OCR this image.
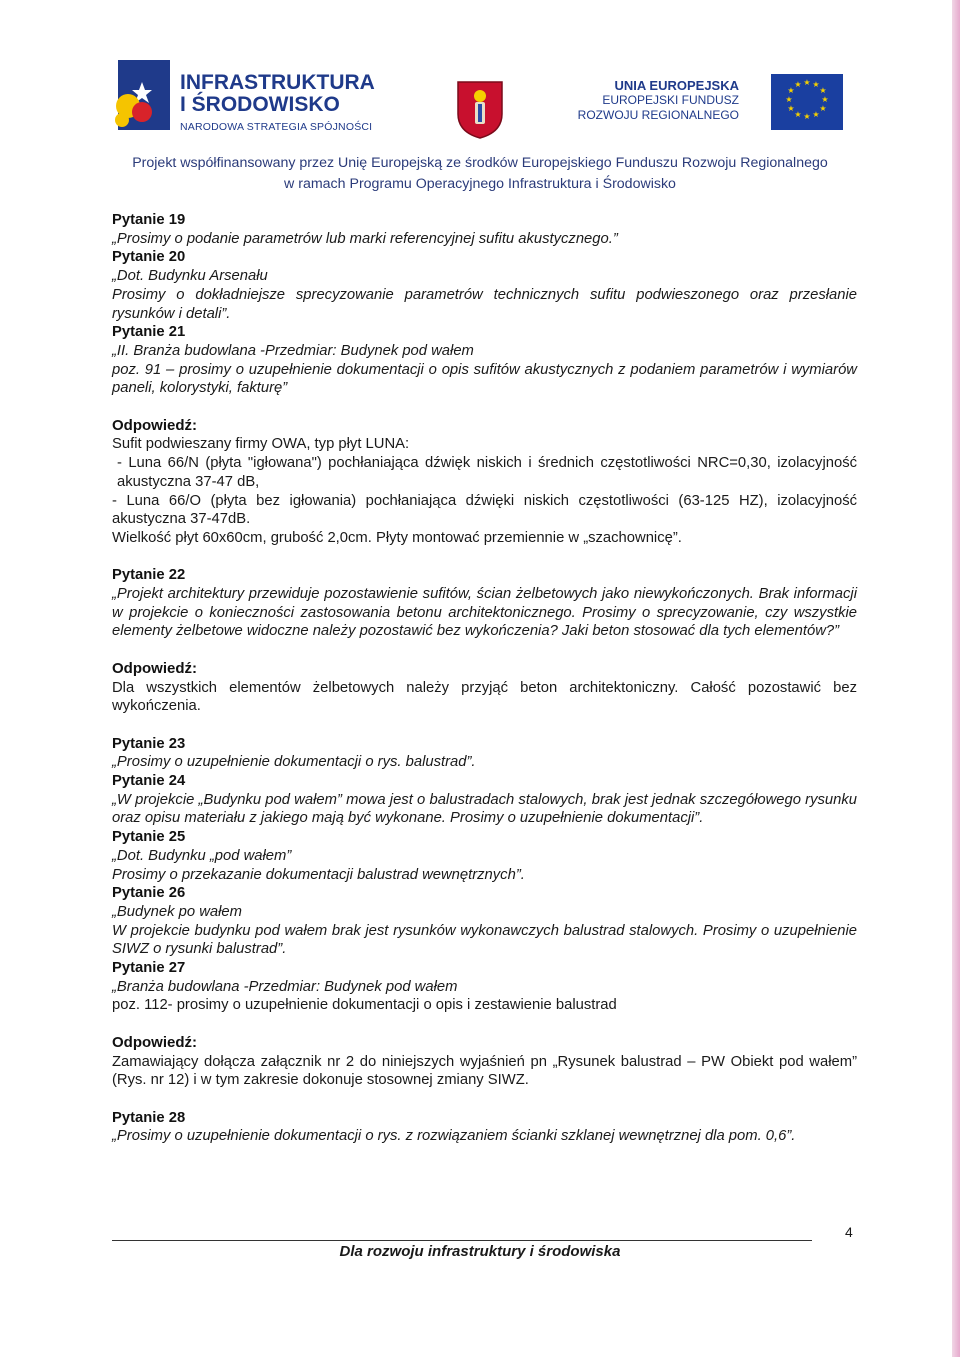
INFRASTRUKTURA
I ŚRODOWISKO
NARODOWA STRATEGIA SPÓJNOŚCI
UNIA EUROPEJSKA
EUROPEJSKI FUNDUSZ
ROZWOJU REGIONALNEGO
★ ★
★
★
★
★
★
★
★
★
★
★
Projekt współfinansowany przez Unię Europejską ze środków Europejskiego Funduszu Rozwoju Regionalnego
w ramach Programu Operacyjnego Infrastruktura i Środowisko

Pytanie 19

„Prosimy o podanie parametrów lub marki referencyjnej sufitu akustycznego.”

Pytanie 20

„Dot. Budynku Arsenału

Prosimy o dokładniejsze sprecyzowanie parametrów technicznych sufitu podwieszonego oraz przesłanie rysunków i detali”.

Pytanie 21

„II. Branża budowlana -Przedmiar: Budynek pod wałem

poz. 91 – prosimy o uzupełnienie dokumentacji o opis sufitów akustycznych z podaniem parametrów i wymiarów paneli, kolorystyki, fakturę”

Odpowiedź:

Sufit podwieszany firmy OWA, typ płyt LUNA:

- Luna 66/N (płyta "igłowana") pochłaniająca dźwięk niskich i średnich częstotliwości NRC=0,30, izolacyjność akustyczna 37-47 dB,

- Luna 66/O (płyta bez igłowania) pochłaniająca dźwięki niskich częstotliwości (63-125 HZ), izolacyjność akustyczna 37-47dB.

Wielkość płyt 60x60cm, grubość 2,0cm. Płyty montować przemiennie w „szachownicę”.

Pytanie 22

„Projekt architektury przewiduje pozostawienie sufitów, ścian żelbetowych jako niewykończonych. Brak informacji w projekcie o konieczności zastosowania betonu architektonicznego. Prosimy o sprecyzowanie, czy wszystkie elementy żelbetowe widoczne należy pozostawić bez wykończenia? Jaki beton stosować dla tych elementów?”

Odpowiedź:

Dla wszystkich elementów żelbetowych należy przyjąć beton architektoniczny. Całość pozostawić bez wykończenia.

Pytanie 23

„Prosimy o uzupełnienie dokumentacji o rys. balustrad”.

Pytanie 24

„W projekcie „Budynku pod wałem” mowa jest o balustradach stalowych, brak jest jednak szczegółowego rysunku oraz opisu materiału z jakiego mają być wykonane. Prosimy o uzupełnienie dokumentacji”.

Pytanie 25

„Dot. Budynku „pod wałem”

Prosimy o przekazanie dokumentacji balustrad wewnętrznych”.

Pytanie 26

„Budynek po wałem

W projekcie budynku pod wałem brak jest rysunków wykonawczych balustrad stalowych. Prosimy o uzupełnienie SIWZ o rysunki balustrad”.

Pytanie 27

„Branża budowlana -Przedmiar: Budynek pod wałem

poz. 112- prosimy o uzupełnienie dokumentacji o opis i zestawienie balustrad

Odpowiedź:

Zamawiający dołącza załącznik nr 2 do niniejszych wyjaśnień pn „Rysunek balustrad – PW Obiekt pod wałem” (Rys. nr 12) i w tym zakresie dokonuje stosownej zmiany SIWZ.

Pytanie 28

„Prosimy o uzupełnienie dokumentacji o rys. z rozwiązaniem ścianki szklanej wewnętrznej dla pom. 0,6”.

4
Dla rozwoju infrastruktury i środowiska
